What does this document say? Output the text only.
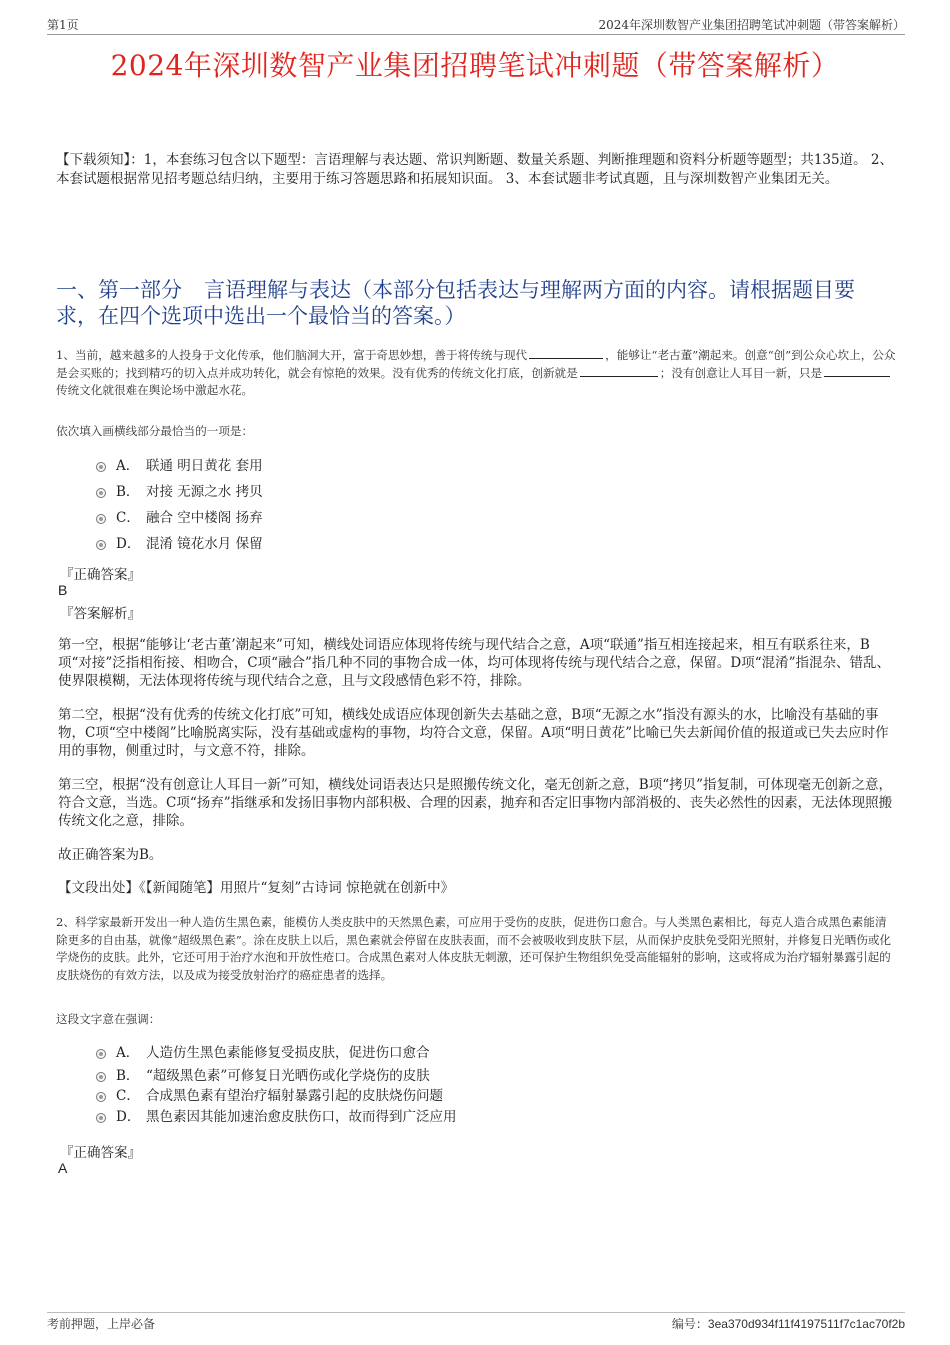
第1页	2024年深圳数智产业集团招聘笔试冲刺题（带答案解析）
2024年深圳数智产业集团招聘笔试冲刺题（带答案解析）
【下载须知】：1，本套练习包含以下题型：言语理解与表达题、常识判断题、数量关系题、判断推理题和资料分析题等题型；共135道。 2、本套试题根据常见招考题总结归纳，主要用于练习答题思路和拓展知识面。 3、本套试题非考试真题，且与深圳数智产业集团无关。
一、第一部分 言语理解与表达（本部分包括表达与理解两方面的内容。请根据题目要求，在四个选项中选出一个最恰当的答案。）
1、当前，越来越多的人投身于文化传承，他们脑洞大开，富于奇思妙想，善于将传统与现代	，能够让“老古董”潮起来。创意“创”到公众心坎上，公众是会买账的；找到精巧的切入点并成功转化，就会有惊艳的效果。没有优秀的传统文化打底，创新就是	；没有创意让人耳目一新，只是传统文化就很难在舆论场中激起水花。
依次填入画横线部分最恰当的一项是：
A． 联通 明日黄花 套用
B． 对接 无源之水 拷贝
C． 融合 空中楼阁 扬弃
D． 混淆 镜花水月 保留
『正确答案』
B
『答案解析』
第一空，根据“能够让‘老古董’潮起来”可知，横线处词语应体现将传统与现代结合之意，A项“联通”指互相连接起来，相互有联系往来，B项“对接”泛指相衔接、相吻合，C项“融合”指几种不同的事物合成一体，均可体现将传统与现代结合之意，保留。D项“混淆”指混杂、错乱、使界限模糊，无法体现将传统与现代结合之意，且与文段感情色彩不符，排除。
第二空，根据“没有优秀的传统文化打底”可知，横线处成语应体现创新失去基础之意，B项“无源之水”指没有源头的水，比喻没有基础的事物，C项“空中楼阁”比喻脱离实际，没有基础或虚构的事物，均符合文意，保留。A项“明日黄花”比喻已失去新闻价值的报道或已失去应时作用的事物，侧重过时，与文意不符，排除。
第三空，根据“没有创意让人耳目一新”可知，横线处词语表达只是照搬传统文化，毫无创新之意，B项“拷贝”指复制，可体现毫无创新之意，符合文意，当选。C项“扬弃”指继承和发扬旧事物内部积极、合理的因素，抛弃和否定旧事物内部消极的、丧失必然性的因素，无法体现照搬传统文化之意，排除。
故正确答案为B。
【文段出处】《【新闻随笔】用照片“复刻”古诗词 惊艳就在创新中》
2、科学家最新开发出一种人造仿生黑色素，能模仿人类皮肤中的天然黑色素，可应用于受伤的皮肤，促进伤口愈合。与人类黑色素相比，每克人造合成黑色素能清除更多的自由基，就像“超级黑色素”。涂在皮肤上以后，黑色素就会停留在皮肤表面，而不会被吸收到皮肤下层，从而保护皮肤免受阳光照射，并修复日光晒伤或化学烧伤的皮肤。此外，它还可用于治疗水泡和开放性疮口。合成黑色素对人体皮肤无刺激，还可保护生物组织免受高能辐射的影响，这或将成为治疗辐射暴露引起的皮肤烧伤的有效方法，以及成为接受放射治疗的癌症患者的选择。
这段文字意在强调：
A． 人造仿生黑色素能修复受损皮肤，促进伤口愈合
B． “超级黑色素”可修复日光晒伤或化学烧伤的皮肤
C． 合成黑色素有望治疗辐射暴露引起的皮肤烧伤问题
D． 黑色素因其能加速治愈皮肤伤口，故而得到广泛应用
『正确答案』
A
考前押题，上岸必备	编号：3ea370d934f11f4197511f7c1ac70f2b
